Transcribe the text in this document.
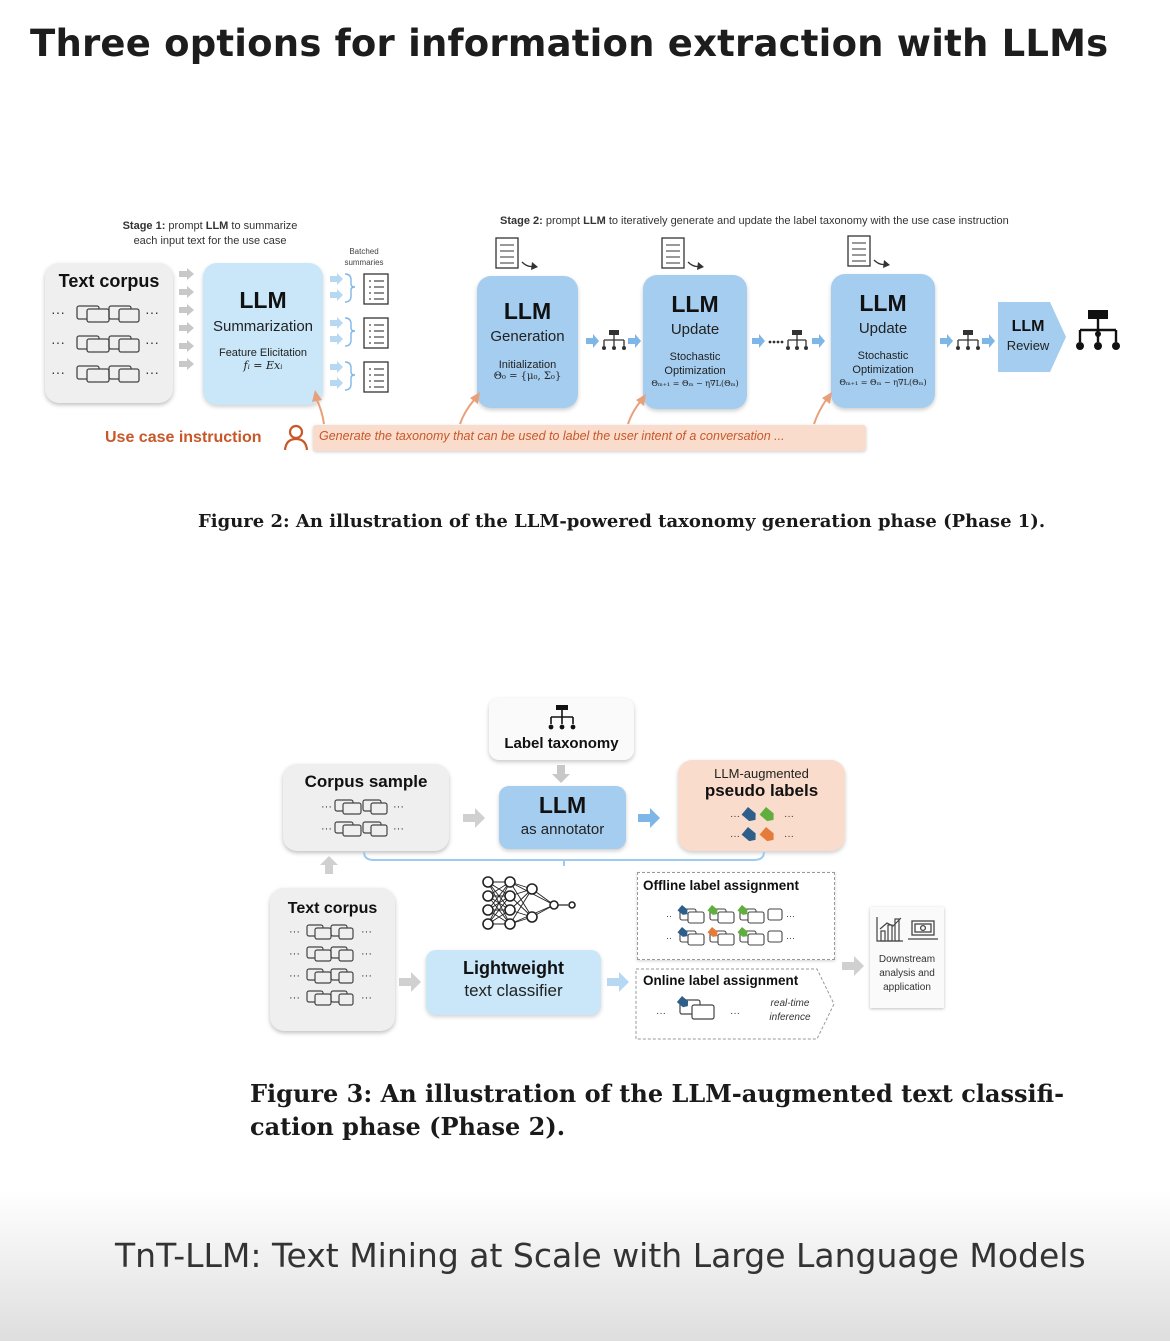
Three options for information extraction with LLMs
Stage 1: prompt LLM to summarize
each input text for the use case
Stage 2: prompt LLM to iteratively generate and update the label taxonomy with the use case instruction
Text corpus
···	···
···	···
···	···
LLM
Summarization
Feature Elicitation
fᵢ = Exᵢ
Batched
summaries
LLM
Generation
Initialization
Θ₀ = {μ₀, Σ₀}
LLM
Update
Stochastic
Optimization
Θₘ₊₁ = Θₘ − η∇L(Θₘ)
LLM
Update
Stochastic
Optimization
Θₘ₊₁ = Θₘ − η∇L(Θₘ)
LLM
Review
Use case instruction	Generate the taxonomy that can be used to label the user intent of a conversation ...
Figure 2: An illustration of the LLM-powered taxonomy generation phase (Phase 1).
Label taxonomy
Corpus sample
···	···
···	···
LLM
as annotator
LLM-augmented
pseudo labels
···	···
···	···
Text corpus
···	···
···	···
···	···
···	···
Lightweight
text classifier
Offline label assignment
··	···
··	···
Online label assignment
···	···
real-time
inference
Downstream
analysis and
application
Figure 3: An illustration of the LLM-augmented text classifi-
cation phase (Phase 2).
TnT-LLM: Text Mining at Scale with Large Language Models
